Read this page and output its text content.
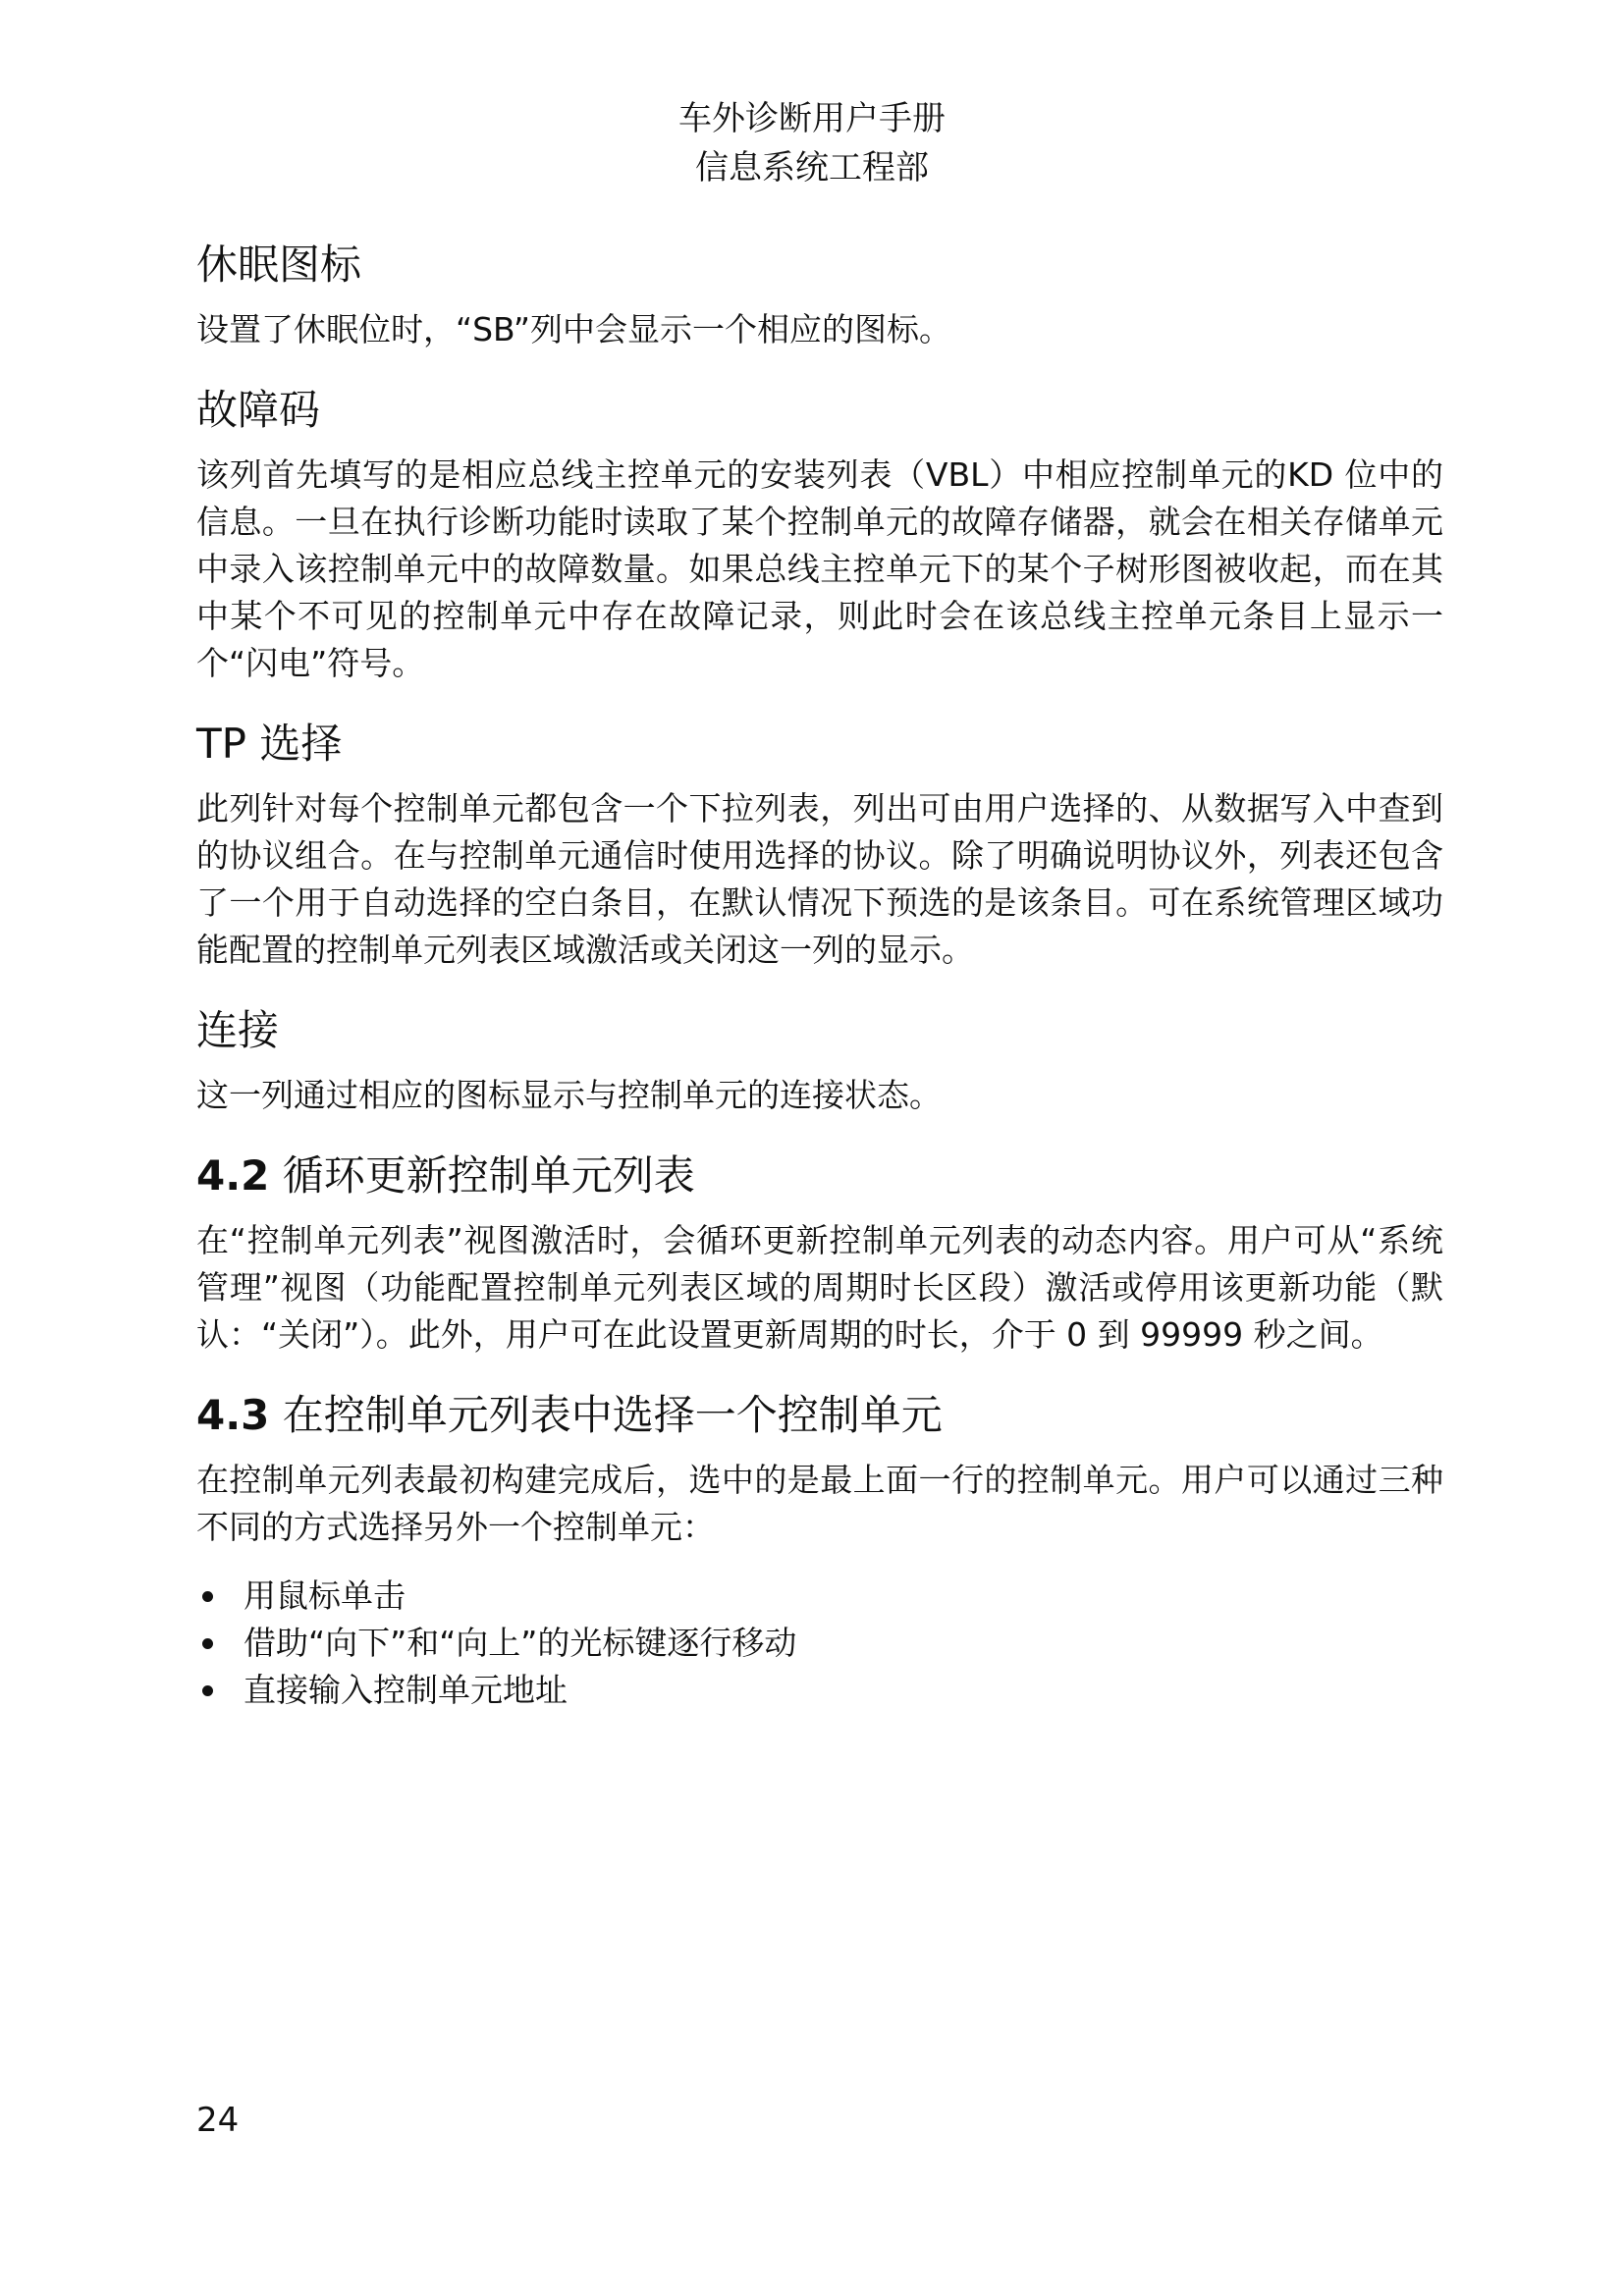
车外诊断用户手册
信息系统工程部
休眠图标

设置了休眠位时，“SB”列中会显示一个相应的图标。

故障码

该列首先填写的是相应总线主控单元的安装列表（VBL）中相应控制单元的KD 位中的信息。一旦在执行诊断功能时读取了某个控制单元的故障存储器，就会在相关存储单元中录入该控制单元中的故障数量。如果总线主控单元下的某个子树形图被收起，而在其中某个不可见的控制单元中存在故障记录，则此时会在该总线主控单元条目上显示一个“闪电”符号。

TP 选择

此列针对每个控制单元都包含一个下拉列表，列出可由用户选择的、从数据写入中查到的协议组合。在与控制单元通信时使用选择的协议。除了明确说明协议外，列表还包含了一个用于自动选择的空白条目，在默认情况下预选的是该条目。可在系统管理区域功能配置的控制单元列表区域激活或关闭这一列的显示。

连接

这一列通过相应的图标显示与控制单元的连接状态。

4.2 循环更新控制单元列表

在“控制单元列表”视图激活时，会循环更新控制单元列表的动态内容。用户可从“系统管理”视图（功能配置控制单元列表区域的周期时长区段）激活或停用该更新功能（默认：“关闭”）。此外，用户可在此设置更新周期的时长，介于 0 到 99999 秒之间。

4.3 在控制单元列表中选择一个控制单元

在控制单元列表最初构建完成后，选中的是最上面一行的控制单元。用户可以通过三种不同的方式选择另外一个控制单元：

用鼠标单击
借助“向下”和“向上”的光标键逐行移动
直接输入控制单元地址
24
